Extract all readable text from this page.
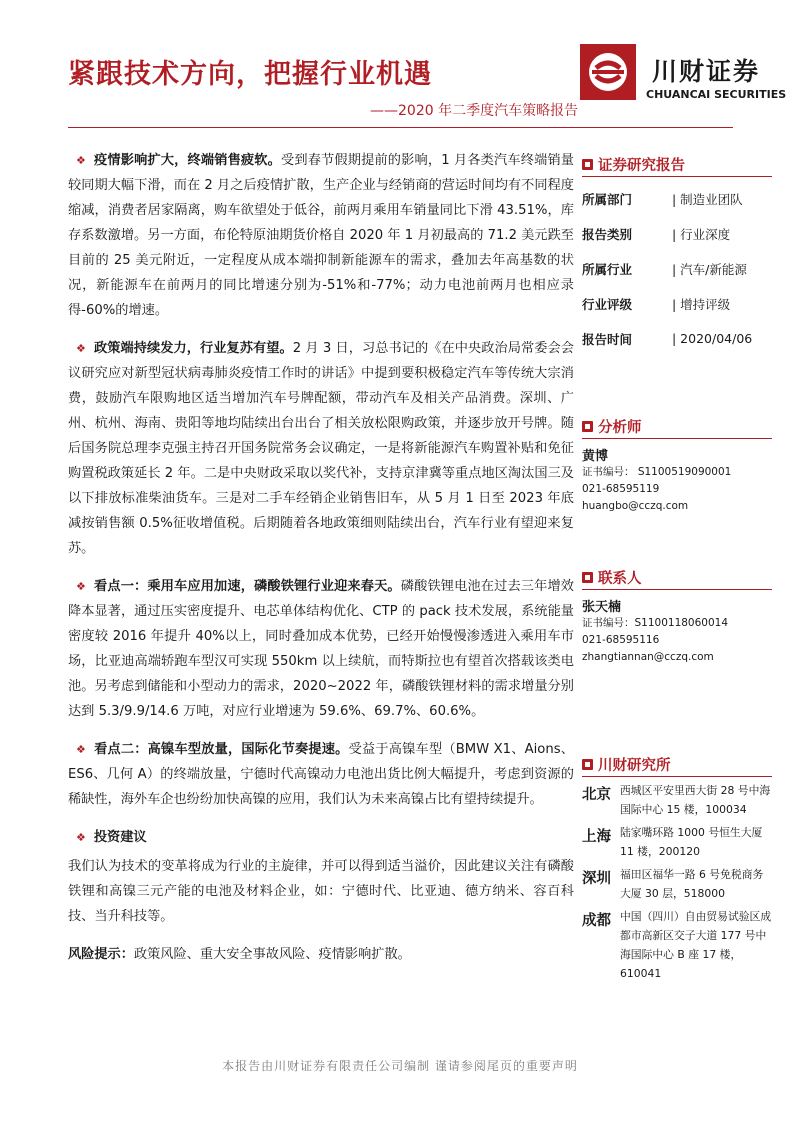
紧跟技术方向，把握行业机遇
——2020 年二季度汽车策略报告
川财证券
CHUANCAI SECURITIES

❖ 疫情影响扩大，终端销售疲软。受到春节假期提前的影响，1 月各类汽车终端销量较同期大幅下滑，而在 2 月之后疫情扩散，生产企业与经销商的营运时间均有不同程度缩减，消费者居家隔离，购车欲望处于低谷，前两月乘用车销量同比下滑 43.51%，库存系数激增。另一方面，布伦特原油期货价格自 2020 年 1 月初最高的 71.2 美元跌至目前的 25 美元附近，一定程度从成本端抑制新能源车的需求，叠加去年高基数的状况，新能源车在前两月的同比增速分别为-51%和-77%；动力电池前两月也相应录得-60%的增速。

❖ 政策端持续发力，行业复苏有望。2 月 3 日，习总书记的《在中央政治局常委会会议研究应对新型冠状病毒肺炎疫情工作时的讲话》中提到要积极稳定汽车等传统大宗消费，鼓励汽车限购地区适当增加汽车号牌配额，带动汽车及相关产品消费。深圳、广州、杭州、海南、贵阳等地均陆续出台出台了相关放松限购政策，并逐步放开号牌。随后国务院总理李克强主持召开国务院常务会议确定，一是将新能源汽车购置补贴和免征购置税政策延长 2 年。二是中央财政采取以奖代补，支持京津冀等重点地区淘汰国三及以下排放标准柴油货车。三是对二手车经销企业销售旧车，从 5 月 1 日至 2023 年底减按销售额 0.5%征收增值税。后期随着各地政策细则陆续出台，汽车行业有望迎来复苏。

❖ 看点一：乘用车应用加速，磷酸铁锂行业迎来春天。磷酸铁锂电池在过去三年增效降本显著，通过压实密度提升、电芯单体结构优化、CTP 的 pack 技术发展，系统能量密度较 2016 年提升 40%以上，同时叠加成本优势，已经开始慢慢渗透进入乘用车市场，比亚迪高端轿跑车型汉可实现 550km 以上续航，而特斯拉也有望首次搭载该类电池。另考虑到储能和小型动力的需求，2020~2022 年，磷酸铁锂材料的需求增量分别达到 5.3/9.9/14.6 万吨，对应行业增速为 59.6%、69.7%、60.6%。

❖ 看点二：高镍车型放量，国际化节奏提速。受益于高镍车型（BMW X1、Aions、ES6、几何 A）的终端放量，宁德时代高镍动力电池出货比例大幅提升，考虑到资源的稀缺性，海外车企也纷纷加快高镍的应用，我们认为未来高镍占比有望持续提升。

❖ 投资建议

我们认为技术的变革将成为行业的主旋律，并可以得到适当溢价，因此建议关注有磷酸铁锂和高镍三元产能的电池及材料企业，如：宁德时代、比亚迪、德方纳米、容百科技、当升科技等。

风险提示：政策风险、重大安全事故风险、疫情影响扩散。

证券研究报告
所属部门	| 制造业团队
报告类别	| 行业深度
所属行业	| 汽车/新能源
行业评级	| 增持评级
报告时间	| 2020/04/06
分析师
黄博
证书编号： S1100519090001
021-68595119
huangbo@cczq.com
联系人
张天楠
证书编号：S1100118060014
021-68595116
zhangtiannan@cczq.com
川财研究所
北京 西城区平安里西大街 28 号中海国际中心 15 楼，100034
上海 陆家嘴环路 1000 号恒生大厦 11 楼，200120
深圳 福田区福华一路 6 号免税商务大厦 30 层，518000
成都 中国（四川）自由贸易试验区成都市高新区交子大道 177 号中海国际中心 B 座 17 楼，610041
本报告由川财证券有限责任公司编制 谨请参阅尾页的重要声明
